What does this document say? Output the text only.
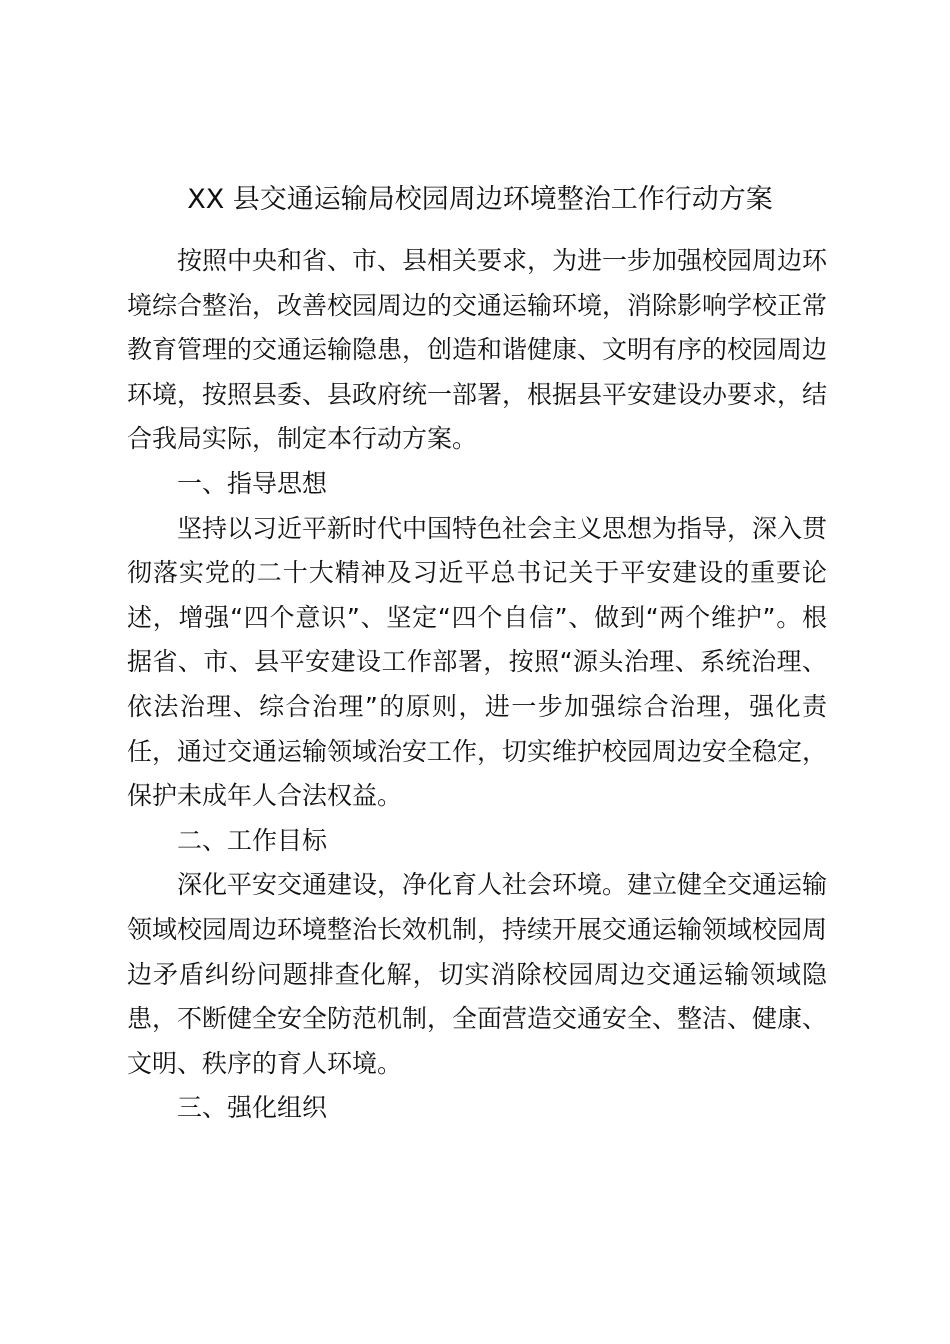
XX 县交通运输局校园周边环境整治工作行动方案

按照中央和省、市、县相关要求，为进一步加强校园周边环境综合整治，改善校园周边的交通运输环境，消除影响学校正常教育管理的交通运输隐患，创造和谐健康、文明有序的校园周边环境，按照县委、县政府统一部署，根据县平安建设办要求，结合我局实际，制定本行动方案。

一、指导思想

坚持以习近平新时代中国特色社会主义思想为指导，深入贯彻落实党的二十大精神及习近平总书记关于平安建设的重要论述，增强“四个意识”、坚定“四个自信”、做到“两个维护”。根据省、市、县平安建设工作部署，按照“源头治理、系统治理、依法治理、综合治理”的原则，进一步加强综合治理，强化责任，通过交通运输领域治安工作，切实维护校园周边安全稳定，保护未成年人合法权益。

二、工作目标

深化平安交通建设，净化育人社会环境。建立健全交通运输领域校园周边环境整治长效机制，持续开展交通运输领域校园周边矛盾纠纷问题排查化解，切实消除校园周边交通运输领域隐患，不断健全安全防范机制，全面营造交通安全、整洁、健康、文明、秩序的育人环境。

三、强化组织
